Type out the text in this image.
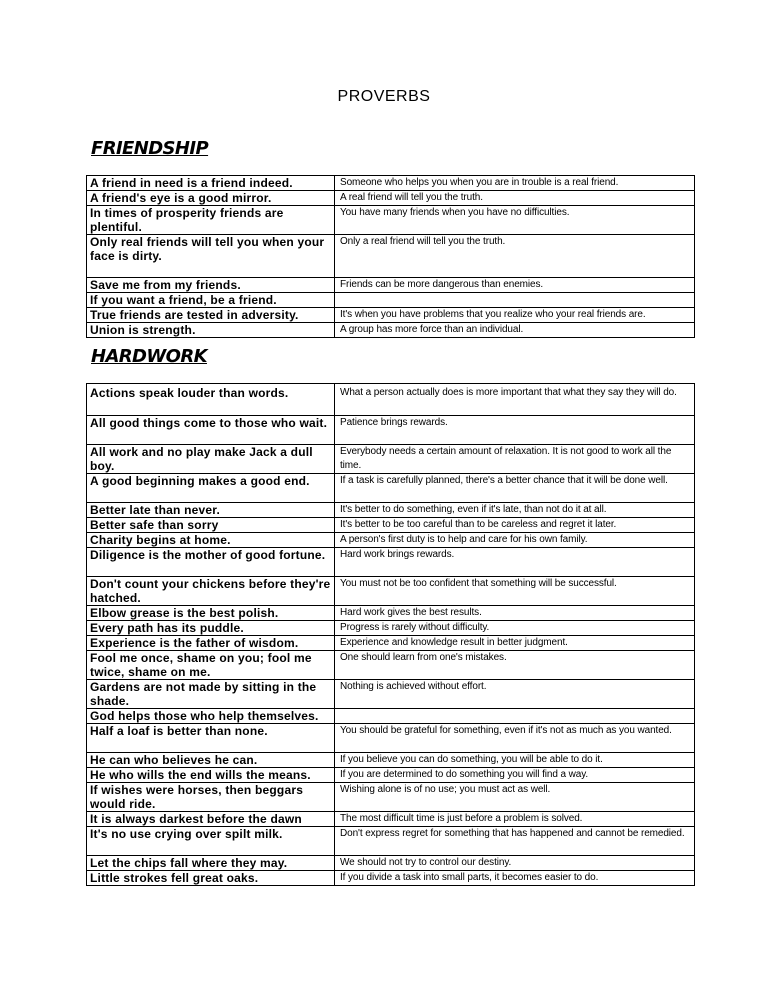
PROVERBS
FRIENDSHIP
A friend in need is a friend indeed.	Someone who helps you when you are in trouble is a real friend.
A friend's eye is a good mirror.	A real friend will tell you the truth.
In times of prosperity friends are plentiful.	You have many friends when you have no difficulties.
Only real friends will tell you when your face is dirty.	Only a real friend will tell you the truth.
Save me from my friends.	Friends can be more dangerous than enemies.
If you want a friend, be a friend.	
True friends are tested in adversity.	It's when you have problems that you realize who your real friends are.
Union is strength.	A group has more force than an individual.
HARDWORK
Actions speak louder than words.	What a person actually does is more important that what they say they will do.
All good things come to those who wait.	Patience brings rewards.
All work and no play make Jack a dull boy.	Everybody needs a certain amount of relaxation. It is not good to work all the time.
A good beginning makes a good end.	If a task is carefully planned, there's a better chance that it will be done well.
Better late than never.	It's better to do something, even if it's late, than not do it at all.
Better safe than sorry	It's better to be too careful than to be careless and regret it later.
Charity begins at home.	A person's first duty is to help and care for his own family.
Diligence is the mother of good fortune.	Hard work brings rewards.
Don't count your chickens before they're hatched.	You must not be too confident that something will be successful.
Elbow grease is the best polish.	Hard work gives the best results.
Every path has its puddle.	Progress is rarely without difficulty.
Experience is the father of wisdom.	Experience and knowledge result in better judgment.
Fool me once, shame on you; fool me twice, shame on me.	One should learn from one's mistakes.
Gardens are not made by sitting in the shade.	Nothing is achieved without effort.
God helps those who help themselves.	
Half a loaf is better than none.	You should be grateful for something, even if it's not as much as you wanted.
He can who believes he can.	If you believe you can do something, you will be able to do it.
He who wills the end wills the means.	If you are determined to do something you will find a way.
If wishes were horses, then beggars would ride.	Wishing alone is of no use; you must act as well.
It is always darkest before the dawn	The most difficult time is just before a problem is solved.
It's no use crying over spilt milk.	Don't express regret for something that has happened and cannot be remedied.
Let the chips fall where they may.	We should not try to control our destiny.
Little strokes fell great oaks.	If you divide a task into small parts, it becomes easier to do.
